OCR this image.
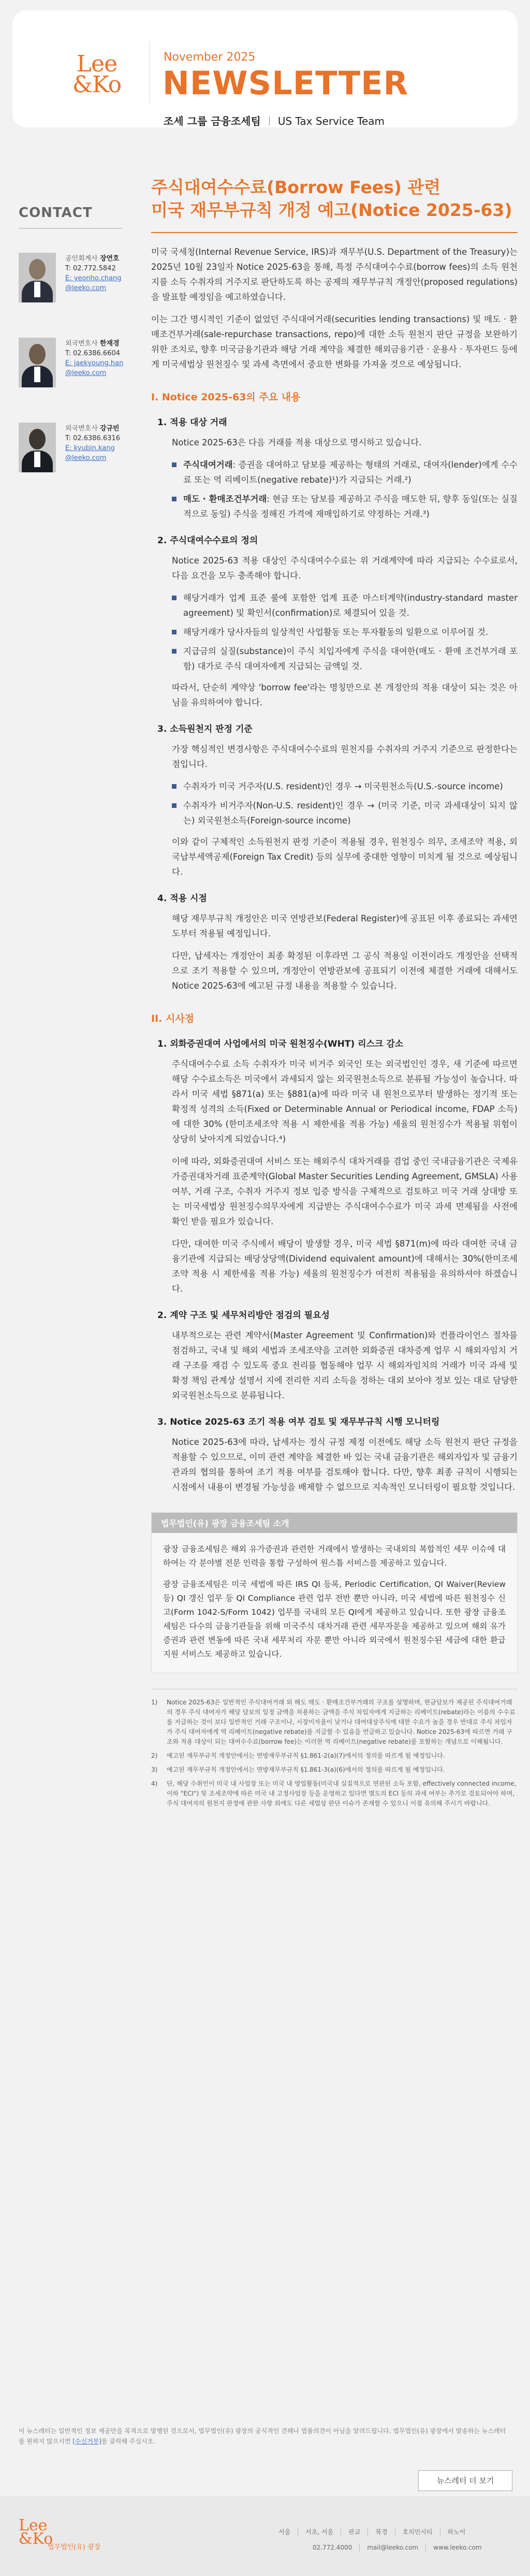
Lee
&Ko
November 2025
NEWSLETTER
조세 그룹 금융조세팀 US Tax Service Team
CONTACT
공인회계사 장연호
T: 02.772.5842
E: yeonho.chang
@leeko.com
외국변호사 한재경
T: 02.6386.6604
E: jaekyoung.han
@leeko.com
외국변호사 강규빈
T: 02.6386.6316
E: kyubin.kang
@leeko.com
주식대여수수료(Borrow Fees) 관련
미국 재무부규칙 개정 예고(Notice 2025-63)

미국 국세청(Internal Revenue Service, IRS)과 재무부(U.S. Department of the Treasury)는 2025년 10월 23일자 Notice 2025-63을 통해, 특정 주식대여수수료(borrow fees)의 소득 원천지를 소득 수취자의 거주지로 판단하도록 하는 공제의 재무부규칙 개정안(proposed regulations)을 발표할 예정임을 예고하였습니다.

이는 그간 명시적인 기준이 없었던 주식대여거래(securities lending transactions) 및 매도 · 환매조건부거래(sale-repurchase transactions, repo)에 대한 소득 원천지 판단 규정을 보완하기 위한 조치로, 향후 미국금융기관과 해당 거래 계약을 체결한 해외금융기관 · 운용사 · 투자펀드 등에게 미국세법상 원천징수 및 과세 측면에서 중요한 변화를 가져올 것으로 예상됩니다.

I. Notice 2025-63의 주요 내용
1. 적용 대상 거래

Notice 2025-63은 다음 거래를 적용 대상으로 명시하고 있습니다.

주식대여거래: 증권을 대여하고 담보를 제공하는 형태의 거래로, 대여자(lender)에게 수수료 또는 역 리베이트(negative rebate)¹)가 지급되는 거래.²)
매도 · 환매조건부거래: 현금 또는 담보를 제공하고 주식을 매도한 뒤, 향후 동일(또는 실질적으로 동일) 주식을 정해진 가격에 재매입하기로 약정하는 거래.³)
2. 주식대여수수료의 정의

Notice 2025-63 적용 대상인 주식대여수수료는 위 거래계약에 따라 지급되는 수수료로서, 다음 요건을 모두 충족해야 합니다.

해당거래가 업계 표준 룰에 포함한 업계 표준 마스터계약(industry-standard master agreement) 및 확인서(confirmation)로 체결되어 있을 것.
해당거래가 당사자들의 일상적인 사업활동 또는 투자활동의 일환으로 이루어질 것.
지급금의 실질(substance)이 주식 치입자에게 주식을 대여한(매도 · 환매 조건부거래 포함) 대가로 주식 대여자에게 지급되는 금액일 것.

따라서, 단순히 계약상 'borrow fee'라는 명칭만으로 본 개정안의 적용 대상이 되는 것은 아님을 유의하여야 합니다.

3. 소득원천지 판정 기준

가장 핵심적인 변경사항은 주식대여수수료의 원천지를 수취자의 거주지 기준으로 판정한다는 점입니다.

수취자가 미국 거주자(U.S. resident)인 경우 → 미국원천소득(U.S.-source income)
수취자가 비거주자(Non-U.S. resident)인 경우 → (미국 기준, 미국 과세대상이 되지 않는) 외국원천소득(Foreign-source income)

이와 같이 구체적인 소득원천지 판정 기준이 적용될 경우, 원천징수 의무, 조세조약 적용, 외국납부세액공제(Foreign Tax Credit) 등의 실무에 중대한 영향이 미치게 될 것으로 예상됩니다.

4. 적용 시점

해당 재무부규칙 개정안은 미국 연방관보(Federal Register)에 공표된 이후 종료되는 과세연도부터 적용될 예정입니다.

다만, 납세자는 개정안이 최종 확정된 이후라면 그 공식 적용일 이전이라도 개정안을 선택적으로 조기 적용할 수 있으며, 개정안이 연방관보에 공표되기 이전에 체결한 거래에 대해서도 Notice 2025-63에 예고된 규정 내용을 적용할 수 있습니다.

II. 시사점
1. 외화증권대여 사업에서의 미국 원천징수(WHT) 리스크 감소

주식대여수수료 소득 수취자가 미국 비거주 외국인 또는 외국법인인 경우, 새 기준에 따르면 해당 수수료소득은 미국에서 과세되지 않는 외국원천소득으로 분류될 가능성이 높습니다. 따라서 미국 세법 §871(a) 또는 §881(a)에 따라 미국 내 원천으로부터 발생하는 정기적 또는 확정적 성격의 소득(Fixed or Determinable Annual or Periodical income, FDAP 소득)에 대한 30% (한미조세조약 적용 시 제한세율 적용 가능) 세율의 원천징수가 적용될 위험이 상당히 낮아지게 되었습니다.⁴)

이에 따라, 외화증권대여 서비스 또는 해외주식 대차거래를 겸업 중인 국내금융기관은 국제유가증권대차거래 표준계약(Global Master Securities Lending Agreement, GMSLA) 사용 여부, 거래 구조, 수취자 거주지 정보 입증 방식을 구체적으로 검토하고 미국 거래 상대방 또는 미국세법상 원천징수의무자에게 지급받는 주식대여수수료가 미국 과세 면제됨을 사전에 확인 받을 필요가 있습니다.

다만, 대여한 미국 주식에서 배당이 발생할 경우, 미국 세법 §871(m)에 따라 대여한 국내 금융기관에 지급되는 배당상당액(Dividend equivalent amount)에 대해서는 30%(한미조세조약 적용 시 제한세율 적용 가능) 세율의 원천징수가 여전히 적용됨을 유의하셔야 하겠습니다.

2. 계약 구조 및 세무처리방안 점검의 필요성

내부적으로는 관련 계약서(Master Agreement 및 Confirmation)와 컨플라이언스 절차를 점검하고, 국내 및 해외 세법과 조세조약을 고려한 외화증권 대차증계 업무 시 해외자임치 거래 구조를 재검 수 있도록 중요 전리를 협동해야 업무 시 해외자임치의 거래가 미국 과세 및 확정 책임 관계상 설명서 지에 전리한 지리 소득을 정하는 대외 보아야 정보 있는 대로 담당한 외국원천소득으로 분류됩니다.

3. Notice 2025-63 조기 적용 여부 검토 및 재무부규칙 시행 모니터링

Notice 2025-63에 따라, 납세자는 정식 규정 제정 이전에도 해당 소득 원천지 판단 규정을 적용할 수 있으므로, 이미 관련 계약을 체결한 바 있는 국내 금융기관은 해외자입자 및 금융기관과의 협의를 통하여 조기 적용 여부를 검토해야 합니다. 다만, 향후 최종 규칙이 시행되는 시점에서 내용이 변경될 가능성을 배제할 수 없으므로 지속적인 모니터링이 필요할 것입니다.

법무법인(유) 광장 금융조세팀 소개

광장 금융조세팀은 해외 유가증권과 관련한 거래에서 발생하는 국내외의 복합적인 세무 이슈에 대하여는 각 분야별 전문 인력을 통합 구성하여 원스톱 서비스를 제공하고 있습니다.

광장 금융조세팀은 미국 세법에 따른 IRS QI 등록, Periodic Certification, QI Waiver(Review 등) QI 갱신 업무 등 QI Compliance 관련 업무 전반 뿐만 아니라, 미국 세법에 따른 원천징수 신고(Form 1042-S/Form 1042) 업무를 국내의 모든 QI에게 제공하고 있습니다. 또한 광장 금융조세팀은 다수의 금융기관들을 위해 미국주식 대차거래 관련 세무자문을 제공하고 있으며 해외 유가증권과 관련 변동에 따른 국내 세무처리 자문 뿐만 아니라 외국에서 원천징수된 세금에 대한 환급 지원 서비스도 제공하고 있습니다.

1)	Notice 2025-63은 일반적인 주식대여거래 외 해도 매도 · 환매조건부거래의 구조를 설명하며, 현금담보가 제공된 주식대여거래의 경우 주식 대여자가 해당 담보의 일정 금액을 차용하는 금액을 주식 차입자에게 지급하는 리베이트(rebate)라는 이름의 수수료를 지급하는 것이 보다 일반적인 거래 구조이나, 시장이자율이 낮거나 대여대상주식에 대한 수요가 높을 경우 반대로 주식 차입자가 주식 대여자에게 역 리베이트(negative rebate)를 지급할 수 있음을 언급하고 있습니다. Notice 2025-63에 따르면 거래 구조와 적용 대상이 되는 대여수수료(borrow fee)는 이러한 역 리베이트(negative rebate)를 포함하는 개념으로 이해됩니다.
2)	예고된 재무부규칙 개정안에서는 연방재무부규칙 §1.861-2(a)(7)에서의 정의를 따르게 될 예정입니다.
3)	예고된 재무부규칙 개정안에서는 연방재무부규칙 §1.861-3(a)(6)에서의 정의를 따르게 될 예정입니다.
4)	단, 해당 수취인이 미국 내 사업장 또는 미국 내 영업활동(미국내 실질적으로 연관된 소득 포함, effectively connected income, 이하 "ECI") 및 조세조약에 따른 미국 내 고정사업장 등을 운영하고 있다면 별도의 ECI 등의 과세 여부는 추가로 검토되어야 하며, 주식 대여자의 원천지 판정에 관한 사항 외에도 다른 세법상 판단 이슈가 존재할 수 있으니 이점 유의해 주시기 바랍니다.
이 뉴스레터는 일반적인 정보 제공만을 목적으로 발행된 것으로서, 법무법인(유) 광장의 공식적인 견해나 법률의견이 아님을 알려드립니다. 법무법인(유) 광장에서 발송하는 뉴스레터를 원하지 않으시면 [수신거부]를 클릭해 주십시오.
뉴스레터 더 보기
Lee
&Ko
법무법인(유) 광장
서울	서초, 서울	판교	북경	호치민시티	하노이
02.772.4000	mail@leeko.com	www.leeko.com
